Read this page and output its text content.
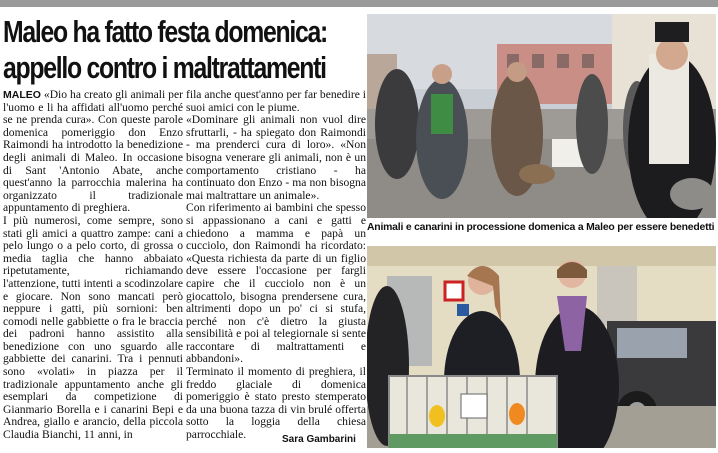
Maleo ha fatto festa domenica:
appello contro i maltrattamenti

MALEO «Dio ha creato gli animali per l'uomo e li ha affidati all'uomo perché se ne prenda cura». Con queste parole domenica pomeriggio don Enzo Raimondi ha introdotto la benedizione degli animali di Maleo. In occasione di Sant 'Antonio Abate, anche quest'anno la parrocchia malerina ha organizzato il tradizionale appuntamento di preghiera.

I più numerosi, come sempre, sono stati gli amici a quattro zampe: cani a pelo lungo o a pelo corto, di grossa o media taglia che hanno abbaiato ripetutamente, richiamando l'attenzione, tutti intenti a scodinzolare e giocare. Non sono mancati però neppure i gatti, più sornioni: ben comodi nelle gabbiette o fra le braccia dei padroni hanno assistito alla benedizione con uno sguardo alle gabbiette dei canarini. Tra i pennuti sono «volati» in piazza per il tradizionale appuntamento anche gli esemplari da competizione di Gianmario Borella e i canarini Bepi e Andrea, giallo e arancio, della piccola Claudia Bianchi, 11 anni, in

fila anche quest'anno per far benedire i suoi amici con le piume.

«Dominare gli animali non vuol dire sfruttarli, - ha spiegato don Raimondi - ma prenderci cura di loro». «Non bisogna venerare gli animali, non è un comportamento cristiano - ha continuato don Enzo - ma non bisogna mai maltrattare un animale».

Con riferimento ai bambini che spesso si appassionano a cani e gatti e chiedono a mamma e papà un cucciolo, don Raimondi ha ricordato: «Questa richiesta da parte di un figlio deve essere l'occasione per fargli capire che il cucciolo non è un giocattolo, bisogna prendersene cura, altrimenti dopo un po' ci si stufa, perché non c'è dietro la giusta sensibilità e poi al telegiornale si sente raccontare di maltrattamenti e abbandoni».

Terminato il momento di preghiera, il freddo glaciale di domenica pomeriggio è stato presto stemperato da una buona tazza di vin brulé offerta sotto la loggia della chiesa parrocchiale.	Sara Gambarini
Animali e canarini in processione domenica a Maleo per essere benedetti
